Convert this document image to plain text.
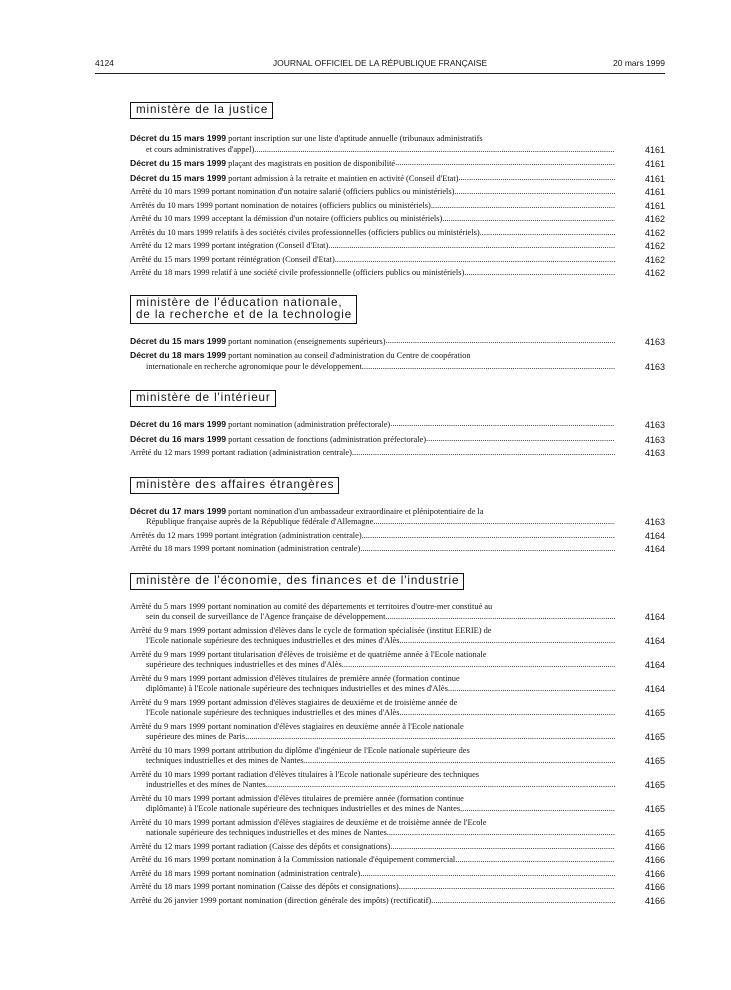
4124	JOURNAL OFFICIEL DE LA RÉPUBLIQUE FRANÇAISE	20 mars 1999
ministère de la justice
Décret du 15 mars 1999 portant inscription sur une liste d'aptitude annuelle (tribunaux administratifs
et cours administratives d'appel) .....	4161
Décret du 15 mars 1999 plaçant des magistrats en position de disponibilité .....	4161
Décret du 15 mars 1999 portant admission à la retraite et maintien en activité (Conseil d'Etat) .....	4161
Arrêté du 10 mars 1999 portant nomination d'un notaire salarié (officiers publics ou ministériels) .....	4161
Arrêtés du 10 mars 1999 portant nomination de notaires (officiers publics ou ministériels) .....	4161
Arrêté du 10 mars 1999 acceptant la démission d'un notaire (officiers publics ou ministériels) .....	4162
Arrêtés du 10 mars 1999 relatifs à des sociétés civiles professionnelles (officiers publics ou ministériels) .....	4162
Arrêté du 12 mars 1999 portant intégration (Conseil d'Etat) .....	4162
Arrêté du 15 mars 1999 portant réintégration (Conseil d'Etat) .....	4162
Arrêté du 18 mars 1999 relatif à une société civile professionnelle (officiers publics ou ministériels) .....	4162
ministère de l'éducation nationale,
de la recherche et de la technologie
Décret du 15 mars 1999 portant nomination (enseignements supérieurs) .....	4163
Décret du 18 mars 1999 portant nomination au conseil d'administration du Centre de coopération
internationale en recherche agronomique pour le développement .....	4163
ministère de l'intérieur
Décret du 16 mars 1999 portant nomination (administration préfectorale) .....	4163
Décret du 16 mars 1999 portant cessation de fonctions (administration préfectorale) .....	4163
Arrêté du 12 mars 1999 portant radiation (administration centrale) .....	4163
ministère des affaires étrangères
Décret du 17 mars 1999 portant nomination d'un ambassadeur extraordinaire et plénipotentiaire de la
République française auprès de la République fédérale d'Allemagne .....	4163
Arrêtés du 12 mars 1999 portant intégration (administration centrale) .....	4164
Arrêté du 18 mars 1999 portant nomination (administration centrale) .....	4164
ministère de l'économie, des finances et de l'industrie
Arrêté du 5 mars 1999 portant nomination au comité des départements et territoires d'outre-mer constitué au
sein du conseil de surveillance de l'Agence française de développement .....	4164
Arrêté du 9 mars 1999 portant admission d'élèves dans le cycle de formation spécialisée (institut EERIE) de
l'Ecole nationale supérieure des techniques industrielles et des mines d'Alès .....	4164
Arrêté du 9 mars 1999 portant titularisation d'élèves de troisième et de quatrième année à l'Ecole nationale
supérieure des techniques industrielles et des mines d'Alès .....	4164
Arrêté du 9 mars 1999 portant admission d'élèves titulaires de première année (formation continue
diplômante) à l'Ecole nationale supérieure des techniques industrielles et des mines d'Alès .....	4164
Arrêté du 9 mars 1999 portant admission d'élèves stagiaires de deuxième et de troisième année de
l'Ecole nationale supérieure des techniques industrielles et des mines d'Alès .....	4165
Arrêté du 9 mars 1999 portant nomination d'élèves stagiaires en deuxième année à l'Ecole nationale
supérieure des mines de Paris .....	4165
Arrêté du 10 mars 1999 portant attribution du diplôme d'ingénieur de l'Ecole nationale supérieure des
techniques industrielles et des mines de Nantes .....	4165
Arrêté du 10 mars 1999 portant radiation d'élèves titulaires à l'Ecole nationale supérieure des techniques
industrielles et des mines de Nantes .....	4165
Arrêté du 10 mars 1999 portant admission d'élèves titulaires de première année (formation continue
diplômante) à l'Ecole nationale supérieure des techniques industrielles et des mines de Nantes .....	4165
Arrêté du 10 mars 1999 portant admission d'élèves stagiaires de deuxième et de troisième année de l'Ecole
nationale supérieure des techniques industrielles et des mines de Nantes .....	4165
Arrêté du 12 mars 1999 portant radiation (Caisse des dépôts et consignations) .....	4166
Arrêté du 16 mars 1999 portant nomination à la Commission nationale d'équipement commercial .....	4166
Arrêté du 18 mars 1999 portant nomination (administration centrale) .....	4166
Arrêté du 18 mars 1999 portant nomination (Caisse des dépôts et consignations) .....	4166
Arrêté du 26 janvier 1999 portant nomination (direction générale des impôts) (rectificatif) .....	4166
